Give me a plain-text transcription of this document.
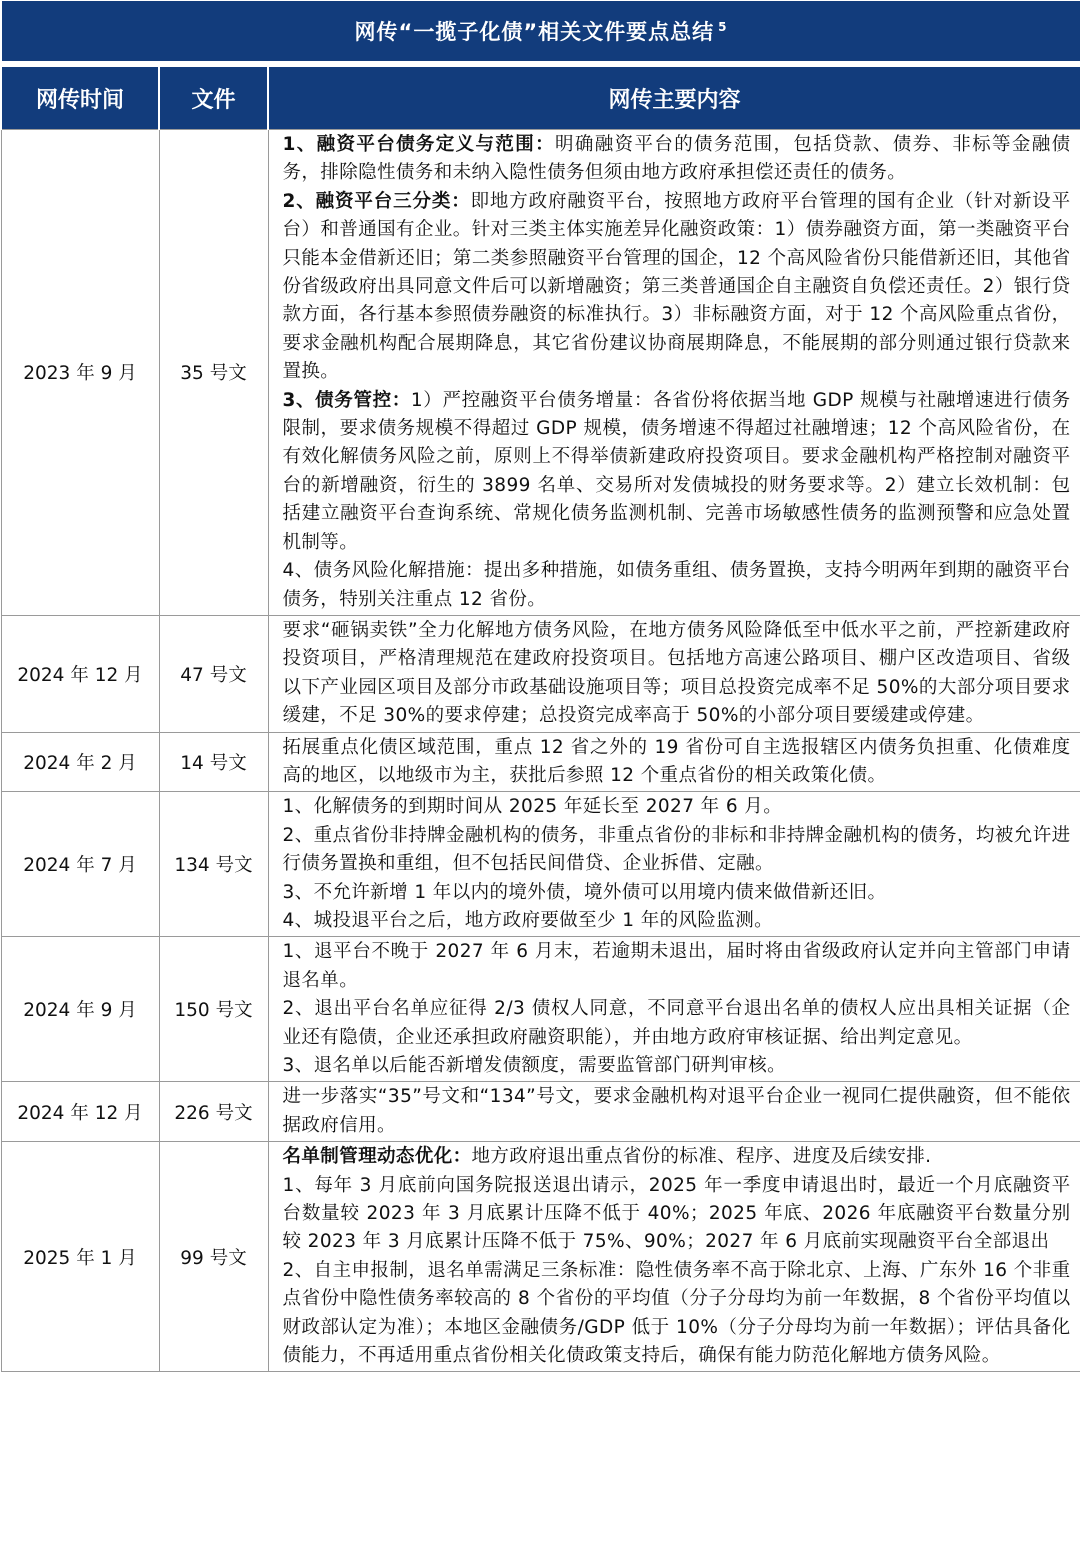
网传“一揽子化债”相关文件要点总结 $^5$

网传时间	文件	网传主要内容
2023 年 9 月	35 号文	1、融资平台债务定义与范围：明确融资平台的债务范围，包括贷款、债券、非标等金融债务，排除隐性债务和未纳入隐性债务但须由地方政府承担偿还责任的债务。

2、融资平台三分类：即地方政府融资平台，按照地方政府平台管理的国有企业（针对新设平台）和普通国有企业。针对三类主体实施差异化融资政策：1）债券融资方面，第一类融资平台只能本金借新还旧；第二类参照融资平台管理的国企，12 个高风险省份只能借新还旧，其他省份省级政府出具同意文件后可以新增融资；第三类普通国企自主融资自负偿还责任。2）银行贷款方面，各行基本参照债券融资的标准执行。3）非标融资方面，对于 12 个高风险重点省份，要求金融机构配合展期降息，其它省份建议协商展期降息，不能展期的部分则通过银行贷款来置换。

3、债务管控：1）严控融资平台债务增量：各省份将依据当地 GDP 规模与社融增速进行债务限制，要求债务规模不得超过 GDP 规模，债务增速不得超过社融增速；12 个高风险省份，在有效化解债务风险之前，原则上不得举债新建政府投资项目。要求金融机构严格控制对融资平台的新增融资，衍生的 3899 名单、交易所对发债城投的财务要求等。2）建立长效机制：包括建立融资平台查询系统、常规化债务监测机制、完善市场敏感性债务的监测预警和应急处置机制等。

4、债务风险化解措施：提出多种措施，如债务重组、债务置换，支持今明两年到期的融资平台债务，特别关注重点 12 省份。

2024 年 12 月	47 号文	要求“砸锅卖铁”全力化解地方债务风险，在地方债务风险降低至中低水平之前，严控新建政府投资项目，严格清理规范在建政府投资项目。包括地方高速公路项目、棚户区改造项目、省级以下产业园区项目及部分市政基础设施项目等；项目总投资完成率不足 50%的大部分项目要求缓建，不足 30%的要求停建；总投资完成率高于 50%的小部分项目要缓建或停建。

2024 年 2 月	14 号文	拓展重点化债区域范围，重点 12 省之外的 19 省份可自主选报辖区内债务负担重、化债难度高的地区，以地级市为主，获批后参照 12 个重点省份的相关政策化债。

2024 年 7 月	134 号文	1、化解债务的到期时间从 2025 年延长至 2027 年 6 月。

2、重点省份非持牌金融机构的债务，非重点省份的非标和非持牌金融机构的债务，均被允许进行债务置换和重组，但不包括民间借贷、企业拆借、定融。

3、不允许新增 1 年以内的境外债，境外债可以用境内债来做借新还旧。

4、城投退平台之后，地方政府要做至少 1 年的风险监测。

2024 年 9 月	150 号文	1、退平台不晚于 2027 年 6 月末，若逾期未退出，届时将由省级政府认定并向主管部门申请退名单。

2、退出平台名单应征得 2/3 债权人同意，不同意平台退出名单的债权人应出具相关证据（企业还有隐债，企业还承担政府融资职能），并由地方政府审核证据、给出判定意见。

3、退名单以后能否新增发债额度，需要监管部门研判审核。

2024 年 12 月	226 号文	进一步落实“35”号文和“134”号文，要求金融机构对退平台企业一视同仁提供融资，但不能依据政府信用。

2025 年 1 月	99 号文	名单制管理动态优化：地方政府退出重点省份的标准、程序、进度及后续安排.

1、每年 3 月底前向国务院报送退出请示，2025 年一季度申请退出时，最近一个月底融资平台数量较 2023 年 3 月底累计压降不低于 40%；2025 年底、2026 年底融资平台数量分别较 2023 年 3 月底累计压降不低于 75%、90%；2027 年 6 月底前实现融资平台全部退出

2、自主申报制，退名单需满足三条标准：隐性债务率不高于除北京、上海、广东外 16 个非重点省份中隐性债务率较高的 8 个省份的平均值（分子分母均为前一年数据，8 个省份平均值以财政部认定为准）；本地区金融债务/GDP 低于 10%（分子分母均为前一年数据）；评估具备化债能力，不再适用重点省份相关化债政策支持后，确保有能力防范化解地方债务风险。
